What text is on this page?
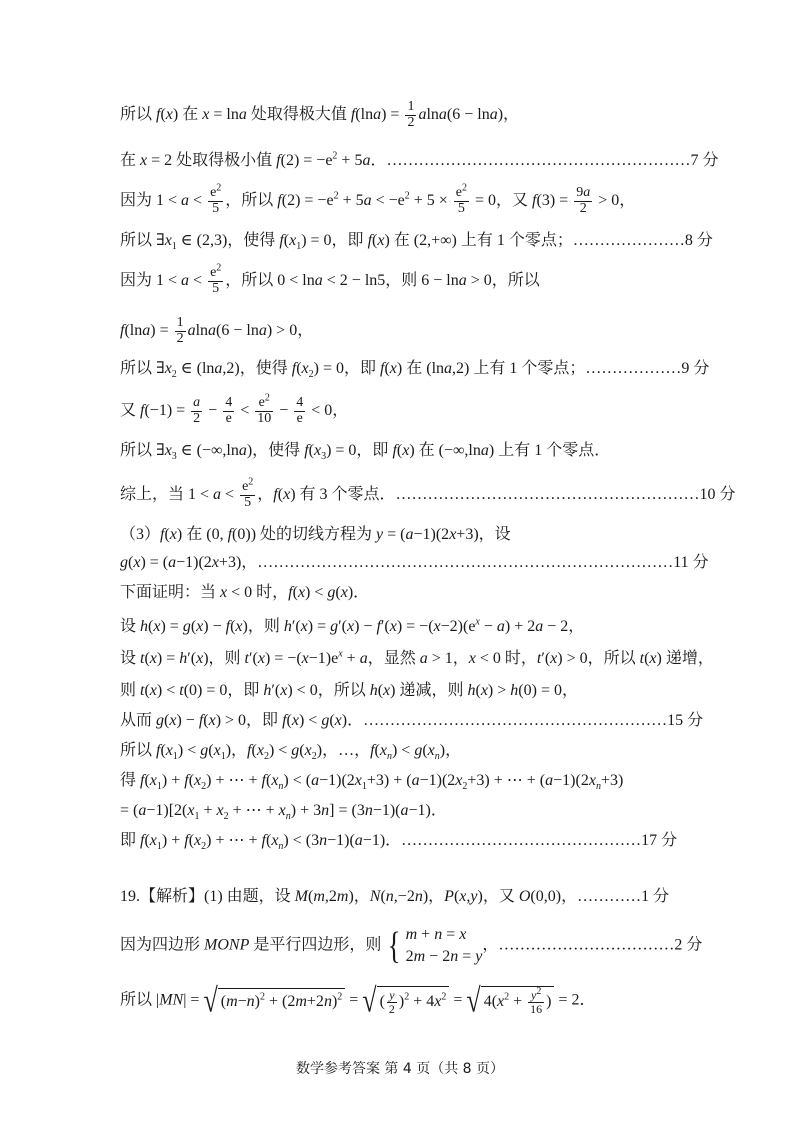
所以 f(x) 在 x = lna 处取得极大值 $f(\ln a) = \frac{1}{2} alna(6 - \ln a)$，
在 x = 2 处取得极小值 $f(2) = -e^2 + 5a$．…………………………………………………7 分
因为 $1 < a < \frac{e^2}{5}$ ，所以 $f(2) = -e^2 + 5a < -e^2 + 5 \times \frac{e^2}{5} = 0$，又 $f(3) = \frac{9a}{2} > 0$，
所以 $\exists x_1$ ∈ (2,3)，使得 $f(x_1) = 0$，即 f(x) 在 (2,+∞) 上有 1 个零点；…………………8 分
因为 $1 < a < \frac{e^2}{5}$ ，所以 0 < lna < 2 − ln5，则 6 − lna > 0，所以
$f(\ln a) = \frac{1}{2} alna(6 - \ln a) > 0$，
所以 $\exists x_2$ ∈ (lna,2)，使得 $f(x_2) = 0$，即 f(x) 在 (lna,2) 上有 1 个零点；………………9 分
又 $f(-1) = \frac{a}{2} - \frac{4}{e} < \frac{e^2}{10} - \frac{4}{e} < 0$，
所以 $\exists x_3$ ∈ (−∞,lna)，使得 $f(x_3) = 0$，即 f(x) 在 (−∞,lna) 上有 1 个零点．
综上，当 $1 < a < \frac{e^2}{5}$ ，f(x) 有 3 个零点．…………………………………………………10 分
（3）f(x) 在 (0, f(0)) 处的切线方程为 y = (a−1)(2x+3)，设
g(x) = (a−1)(2x+3)，……………………………………………………………………11 分
下面证明：当 x < 0 时，f(x) < g(x)．
设 h(x) = g(x) − f(x)，则 $h'(x) = g'(x) - f'(x) = -(x-2)(e^x - a) + 2a - 2$，
设 t(x) = h′(x)，则 $t'(x) = -(x-1)e^x + a$，显然 a > 1，x < 0 时，t′(x) > 0，所以 t(x) 递增，
则 t(x) < t(0) = 0，即 h′(x) < 0，所以 h(x) 递减，则 h(x) > h(0) = 0，
从而 g(x) − f(x) > 0，即 f(x) < g(x)．…………………………………………………15 分
所以 $f(x_1) < g(x_1)$，$f(x_2) < g(x_2)$，…，$f(x_n) < g(x_n)$，
得 $f(x_1) + f(x_2)$ + ⋯ + $f(x_n) < (a-1)(2x_1+3) + (a-1)(2x_2+3)$ + ⋯ + $(a-1)(2x_n+3)$
= $(a-1)[2(x_1 + x_2$ + ⋯ + $x_n) + 3n] = (3n-1)(a-1)$．
即 $f(x_1) + f(x_2)$ + ⋯ + $f(x_n) < (3n-1)(a-1)$．………………………………………17 分
19.【解析】(1) 由题，设 M(m,2m)，N(n,−2n)，P(x,y)，又 O(0,0)，…………1 分
因为四边形 MONP 是平行四边形，则 { m + n = x
2m − 2n = y，……………………………2 分
所以 |MN| = √ $(m-n)^2 + (2m+2n)^2$ = √ ( $\frac{y}{2} )^2 + 4x^2$ = √ $4(x^2 + \frac{y^2}{16}$ ) = 2．
数学参考答案 第 4 页（共 8 页）
